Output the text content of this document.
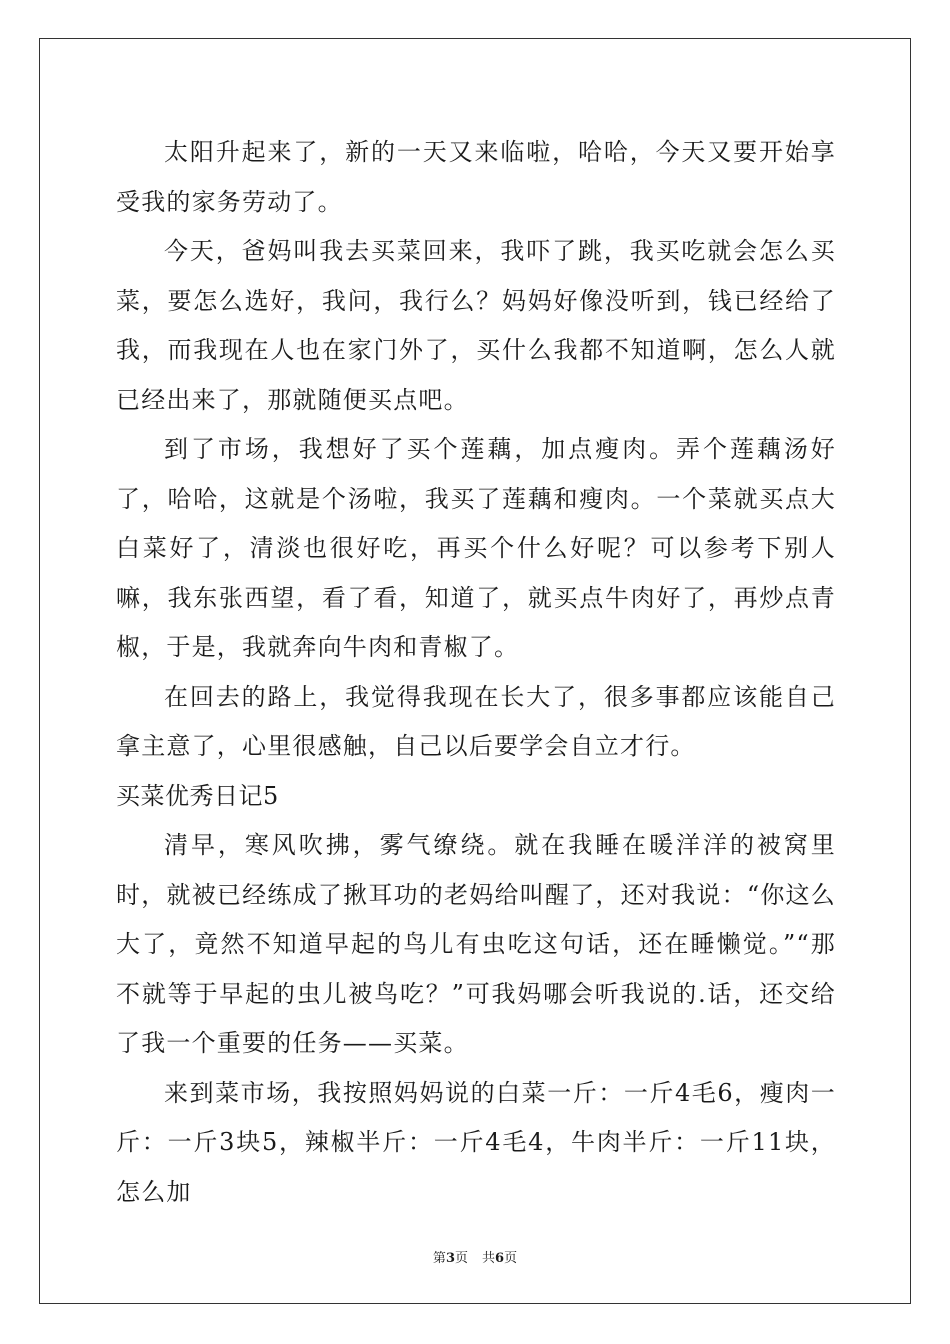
太阳升起来了，新的一天又来临啦，哈哈，今天又要开始享受我的家务劳动了。

今天，爸妈叫我去买菜回来，我吓了跳，我买吃就会怎么买菜，要怎么选好，我问，我行么？妈妈好像没听到，钱已经给了我，而我现在人也在家门外了，买什么我都不知道啊，怎么人就已经出来了，那就随便买点吧。

到了市场，我想好了买个莲藕，加点瘦肉。弄个莲藕汤好了，哈哈，这就是个汤啦，我买了莲藕和瘦肉。一个菜就买点大白菜好了，清淡也很好吃，再买个什么好呢？可以参考下别人嘛，我东张西望，看了看，知道了，就买点牛肉好了，再炒点青椒，于是，我就奔向牛肉和青椒了。

在回去的路上，我觉得我现在长大了，很多事都应该能自己拿主意了，心里很感触，自己以后要学会自立才行。

买菜优秀日记5

清早，寒风吹拂，雾气缭绕。就在我睡在暖洋洋的被窝里时，就被已经练成了揪耳功的老妈给叫醒了，还对我说：“你这么大了，竟然不知道早起的鸟儿有虫吃这句话，还在睡懒觉。”“那不就等于早起的虫儿被鸟吃？”可我妈哪会听我说的.话，还交给了我一个重要的任务——买菜。

来到菜市场，我按照妈妈说的白菜一斤：一斤4毛6，瘦肉一斤：一斤3块5，辣椒半斤：一斤4毛4，牛肉半斤：一斤11块，怎么加

第3页 共6页
